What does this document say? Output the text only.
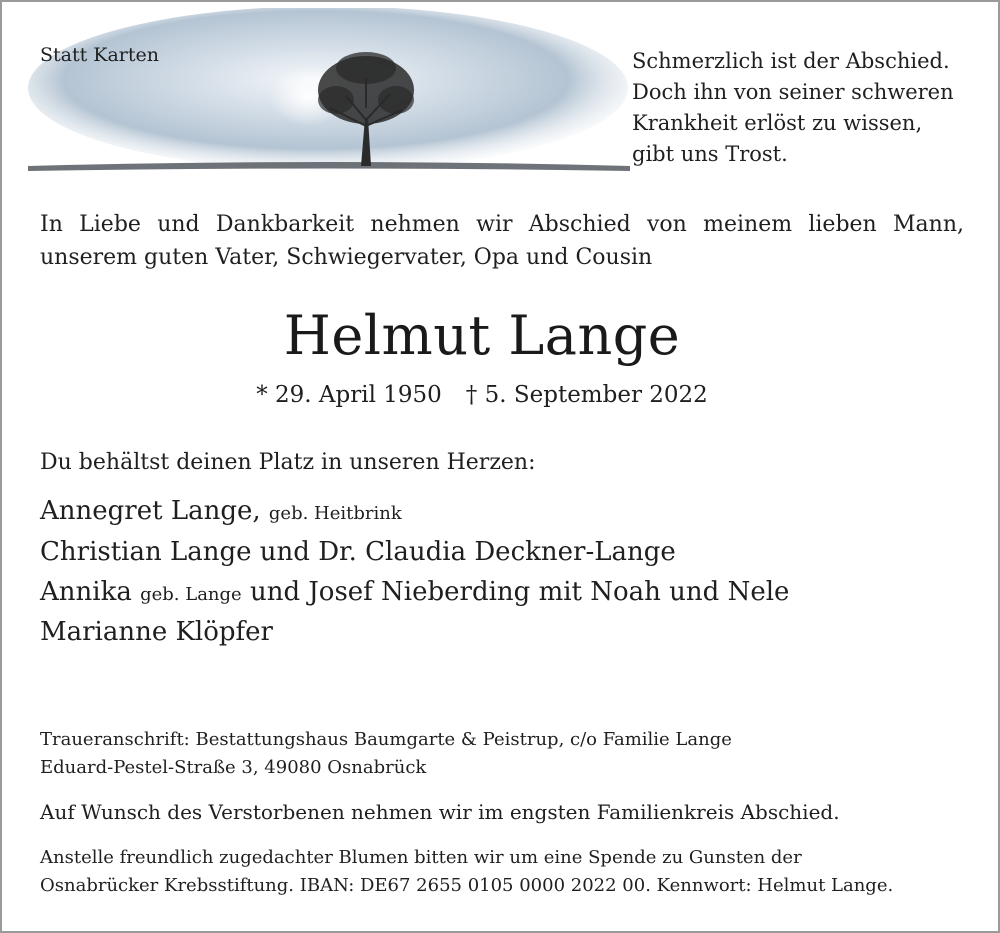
Statt Karten	Schmerzlich ist der Abschied.
Doch ihn von seiner schweren
Krankheit erlöst zu wissen,
gibt uns Trost.
In Liebe und Dankbarkeit nehmen wir Abschied von meinem lieben Mann,
unserem guten Vater, Schwiegervater, Opa und Cousin
Helmut Lange
* 29. April 1950 † 5. September 2022
Du behältst deinen Platz in unseren Herzen:
Annegret Lange, geb. Heitbrink
Christian Lange und Dr. Claudia Deckner-Lange
Annika geb. Lange und Josef Nieberding mit Noah und Nele
Marianne Klöpfer
Traueranschrift: Bestattungshaus Baumgarte & Peistrup, c/o Familie Lange
Eduard-Pestel-Straße 3, 49080 Osnabrück
Auf Wunsch des Verstorbenen nehmen wir im engsten Familienkreis Abschied.
Anstelle freundlich zugedachter Blumen bitten wir um eine Spende zu Gunsten der
Osnabrücker Krebsstiftung. IBAN: DE67 2655 0105 0000 2022 00. Kennwort: Helmut Lange.
